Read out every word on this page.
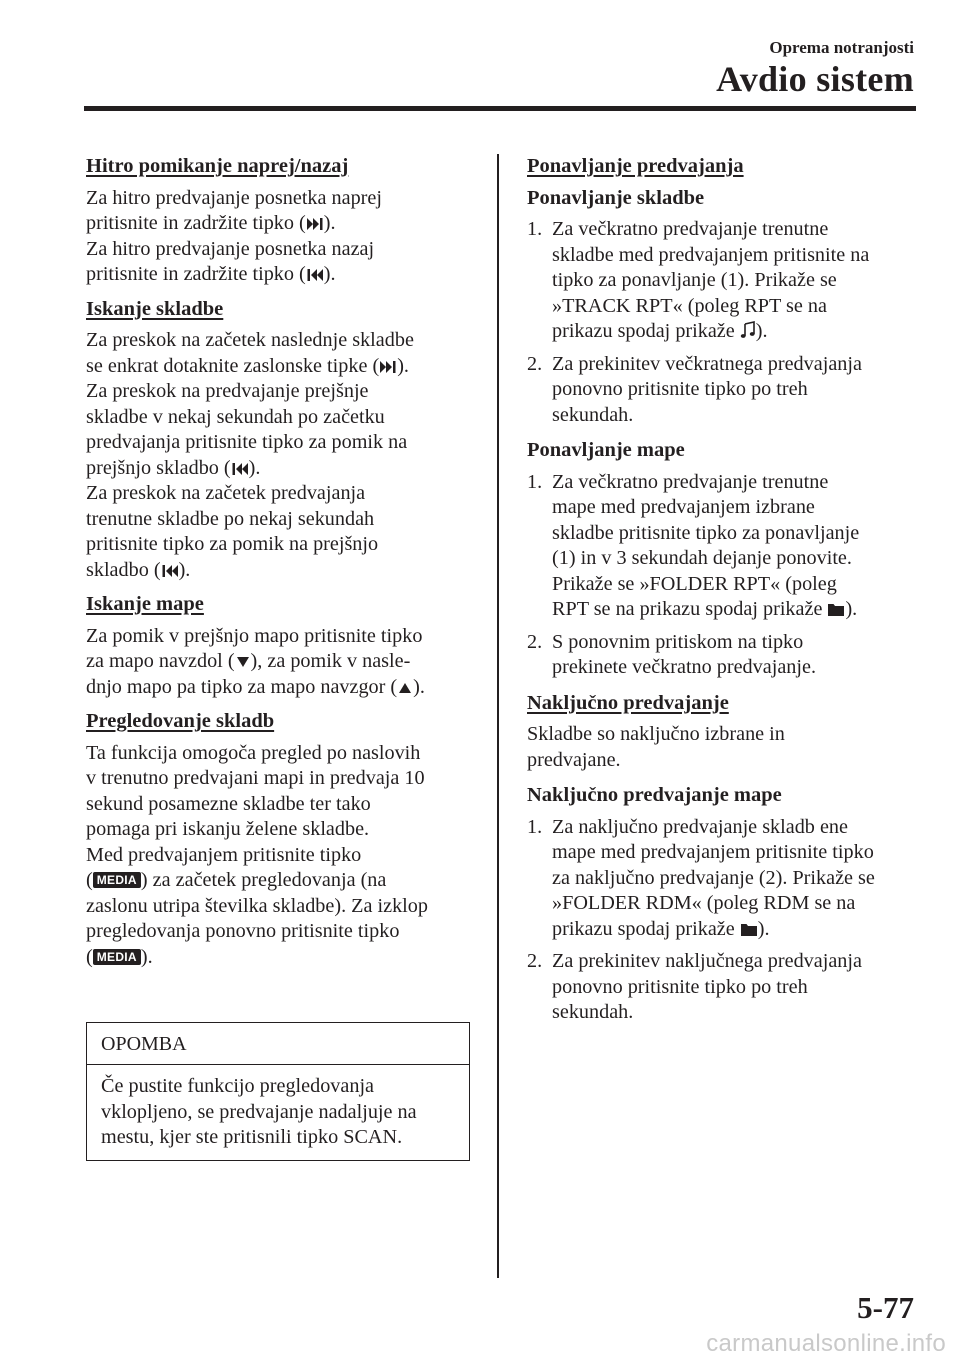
Oprema notranjosti
Avdio sistem
Hitro pomikanje naprej/nazaj

Za hitro predvajanje posnetka naprej
pritisnite in zadržite tipko ( ).
Za hitro predvajanje posnetka nazaj
pritisnite in zadržite tipko ( ).

Iskanje skladbe

Za preskok na začetek naslednje skladbe
se enkrat dotaknite zaslonske tipke ( ).
Za preskok na predvajanje prejšnje
skladbe v nekaj sekundah po začetku
predvajanja pritisnite tipko za pomik na
prejšnjo skladbo ( ).
Za preskok na začetek predvajanja
trenutne skladbe po nekaj sekundah
pritisnite tipko za pomik na prejšnjo
skladbo ( ).

Iskanje mape

Za pomik v prejšnjo mapo pritisnite tipko
za mapo navzdol ( ), za pomik v nasle-
dnjo mapo pa tipko za mapo navzgor ( ).

Pregledovanje skladb

Ta funkcija omogoča pregled po naslovih
v trenutno predvajani mapi in predvaja 10
sekund posamezne skladbe ter tako
pomaga pri iskanju želene skladbe.
Med predvajanjem pritisnite tipko
( MEDIA ) za začetek pregledovanja (na
zaslonu utripa številka skladbe). Za izklop
pregledovanja ponovno pritisnite tipko
( MEDIA ).

OPOMBA
Če pustite funkcijo pregledovanja
vklopljeno, se predvajanje nadaljuje na
mestu, kjer ste pritisnili tipko SCAN.
Ponavljanje predvajanja
Ponavljanje skladbe
1. Za večkratno predvajanje trenutne
skladbe med predvajanjem pritisnite na
tipko za ponavljanje (1). Prikaže se
»TRACK RPT« (poleg RPT se na
prikazu spodaj prikaže ).
2. Za prekinitev večkratnega predvajanja
ponovno pritisnite tipko po treh
sekundah.
Ponavljanje mape
1. Za večkratno predvajanje trenutne
mape med predvajanjem izbrane
skladbe pritisnite tipko za ponavljanje
(1) in v 3 sekundah dejanje ponovite.
Prikaže se »FOLDER RPT« (poleg
RPT se na prikazu spodaj prikaže ).
2. S ponovnim pritiskom na tipko
prekinete večkratno predvajanje.
Naključno predvajanje

Skladbe so naključno izbrane in
predvajane.

Naključno predvajanje mape
1. Za naključno predvajanje skladb ene
mape med predvajanjem pritisnite tipko
za naključno predvajanje (2). Prikaže se
»FOLDER RDM« (poleg RDM se na
prikazu spodaj prikaže ).
2. Za prekinitev naključnega predvajanja
ponovno pritisnite tipko po treh
sekundah.
5-77
carmanualsonline.info
